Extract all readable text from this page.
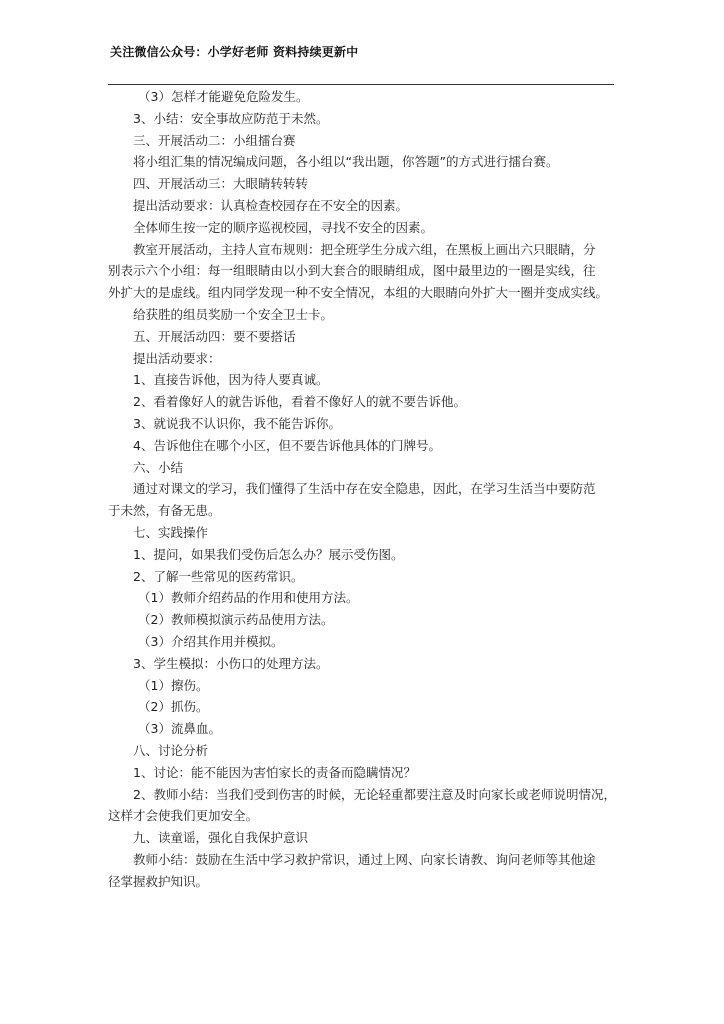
关注微信公众号：小学好老师 资料持续更新中
（3）怎样才能避免危险发生。
3、小结：安全事故应防范于未然。
三、开展活动二：小组擂台赛
将小组汇集的情况编成问题，各小组以“我出题，你答题”的方式进行擂台赛。
四、开展活动三：大眼睛转转转
提出活动要求：认真检查校园存在不安全的因素。
全体师生按一定的顺序巡视校园，寻找不安全的因素。
教室开展活动，主持人宣布规则：把全班学生分成六组，在黑板上画出六只眼睛，分
别表示六个小组：每一组眼睛由以小到大套合的眼睛组成，图中最里边的一圈是实线，往
外扩大的是虚线。组内同学发现一种不安全情况，本组的大眼睛向外扩大一圈并变成实线。
给获胜的组员奖励一个安全卫士卡。
五、开展活动四：要不要搭话
提出活动要求：
1、直接告诉他，因为待人要真诚。
2、看着像好人的就告诉他，看着不像好人的就不要告诉他。
3、就说我不认识你，我不能告诉你。
4、告诉他住在哪个小区，但不要告诉他具体的门牌号。
六、小结
通过对课文的学习，我们懂得了生活中存在安全隐患，因此，在学习生活当中要防范
于未然，有备无患。
七、实践操作
1、提问，如果我们受伤后怎么办？展示受伤图。
2、了解一些常见的医药常识。
（1）教师介绍药品的作用和使用方法。
（2）教师模拟演示药品使用方法。
（3）介绍其作用并模拟。
3、学生模拟：小伤口的处理方法。
（1）擦伤。
（2）抓伤。
（3）流鼻血。
八、讨论分析
1、讨论：能不能因为害怕家长的责备而隐瞒情况？
2、教师小结：当我们受到伤害的时候，无论轻重都要注意及时向家长或老师说明情况，
这样才会使我们更加安全。
九、读童谣，强化自我保护意识
教师小结：鼓励在生活中学习救护常识，通过上网、向家长请教、询问老师等其他途
径掌握救护知识。
